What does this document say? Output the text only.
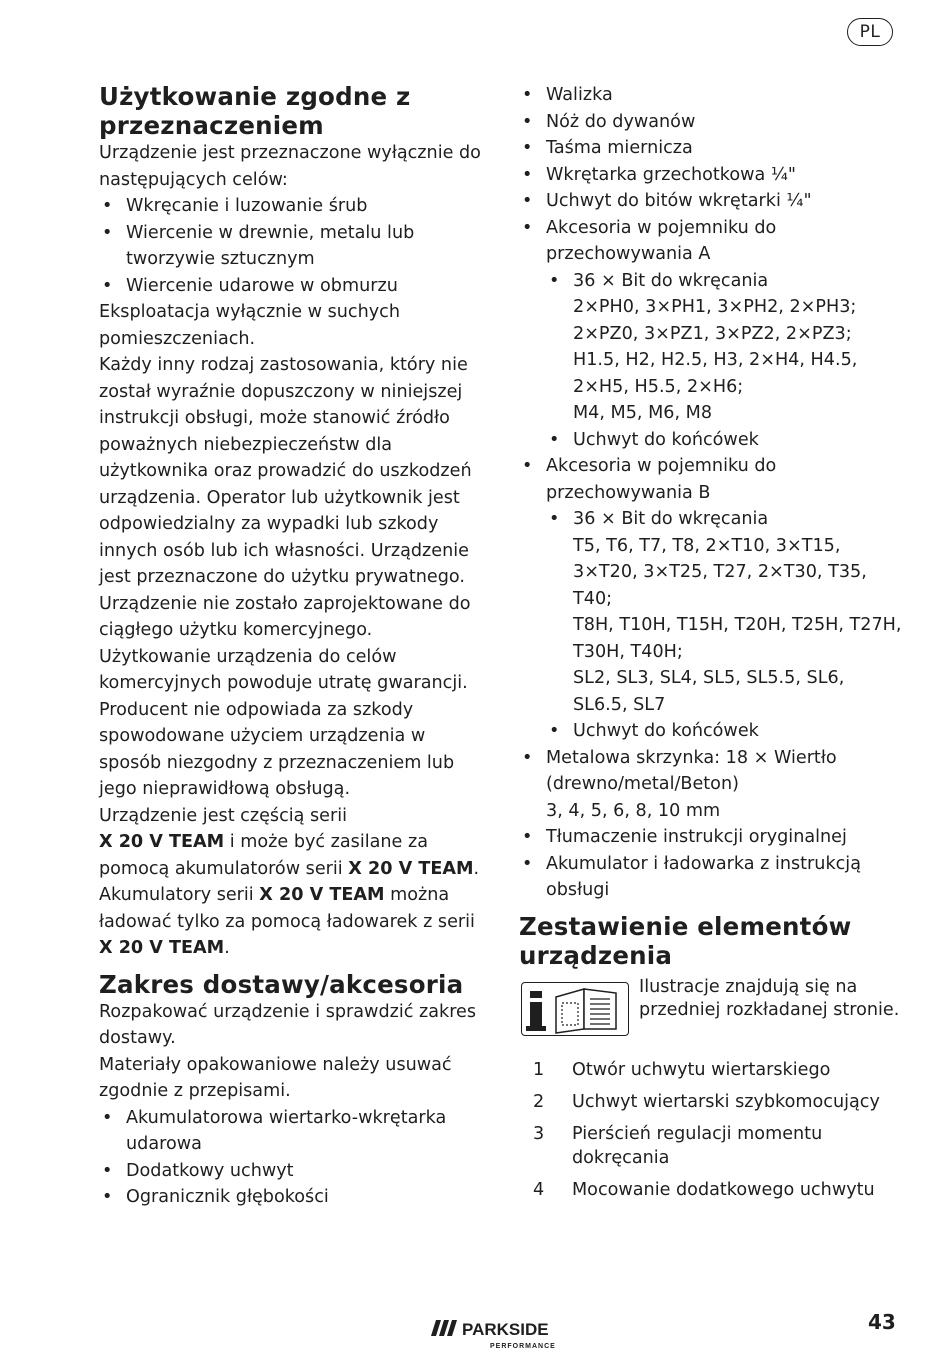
PL
Użytkowanie zgodne z przeznaczeniem

Urządzenie jest przeznaczone wyłącznie do następujących celów:

• Wkręcanie i luzowanie śrub
• Wiercenie w drewnie, metalu lub tworzywie sztucznym
• Wiercenie udarowe w obmurzu

Eksploatacja wyłącznie w suchych pomieszczeniach.

Każdy inny rodzaj zastosowania, który nie został wyraźnie dopuszczony w niniejszej instrukcji obsługi, może stanowić źródło poważnych niebezpieczeństw dla użytkownika oraz prowadzić do uszkodzeń urządzenia. Operator lub użytkownik jest odpowiedzialny za wypadki lub szkody innych osób lub ich własności. Urządzenie jest przeznaczone do użytku prywatnego. Urządzenie nie zostało zaprojektowane do ciągłego użytku komercyjnego. Użytkowanie urządzenia do celów komercyjnych powoduje utratę gwarancji. Producent nie odpowiada za szkody spowodowane użyciem urządzenia w sposób niezgodny z przeznaczeniem lub jego nieprawidłową obsługą.

Urządzenie jest częścią serii
X 20 V TEAM i może być zasilane za pomocą akumulatorów serii X 20 V TEAM. Akumulatory serii X 20 V TEAM można ładować tylko za pomocą ładowarek z serii X 20 V TEAM.

Zakres dostawy/akcesoria

Rozpakować urządzenie i sprawdzić zakres dostawy.

Materiały opakowaniowe należy usuwać zgodnie z przepisami.

• Akumulatorowa wiertarko-wkrętarka udarowa
• Dodatkowy uchwyt
• Ogranicznik głębokości
• Walizka
• Nóż do dywanów
• Taśma miernicza
• Wkrętarka grzechotkowa ¼"
• Uchwyt do bitów wkrętarki ¼"
• Akcesoria w pojemniku do przechowywania A
• 36 × Bit do wkręcania
2×PH0, 3×PH1, 3×PH2, 2×PH3;
2×PZ0, 3×PZ1, 3×PZ2, 2×PZ3;
H1.5, H2, H2.5, H3, 2×H4, H4.5, 2×H5, H5.5, 2×H6;
M4, M5, M6, M8
• Uchwyt do końcówek
• Akcesoria w pojemniku do przechowywania B
• 36 × Bit do wkręcania
T5, T6, T7, T8, 2×T10, 3×T15, 3×T20, 3×T25, T27, 2×T30, T35, T40;
T8H, T10H, T15H, T20H, T25H, T27H, T30H, T40H;
SL2, SL3, SL4, SL5, SL5.5, SL6, SL6.5, SL7
• Uchwyt do końcówek
• Metalowa skrzynka: 18 × Wiertło (drewno/metal/Beton)
3, 4, 5, 6, 8, 10 mm
• Tłumaczenie instrukcji oryginalnej
• Akumulator i ładowarka z instrukcją obsługi
Zestawienie elementów urządzenia
Ilustracje znajdują się na przedniej rozkładanej stronie.
1 Otwór uchwytu wiertarskiego
2 Uchwyt wiertarski szybkomocujący
3 Pierścień regulacji momentu dokręcania
4 Mocowanie dodatkowego uchwytu
PARKSIDE
PERFORMANCE
43
